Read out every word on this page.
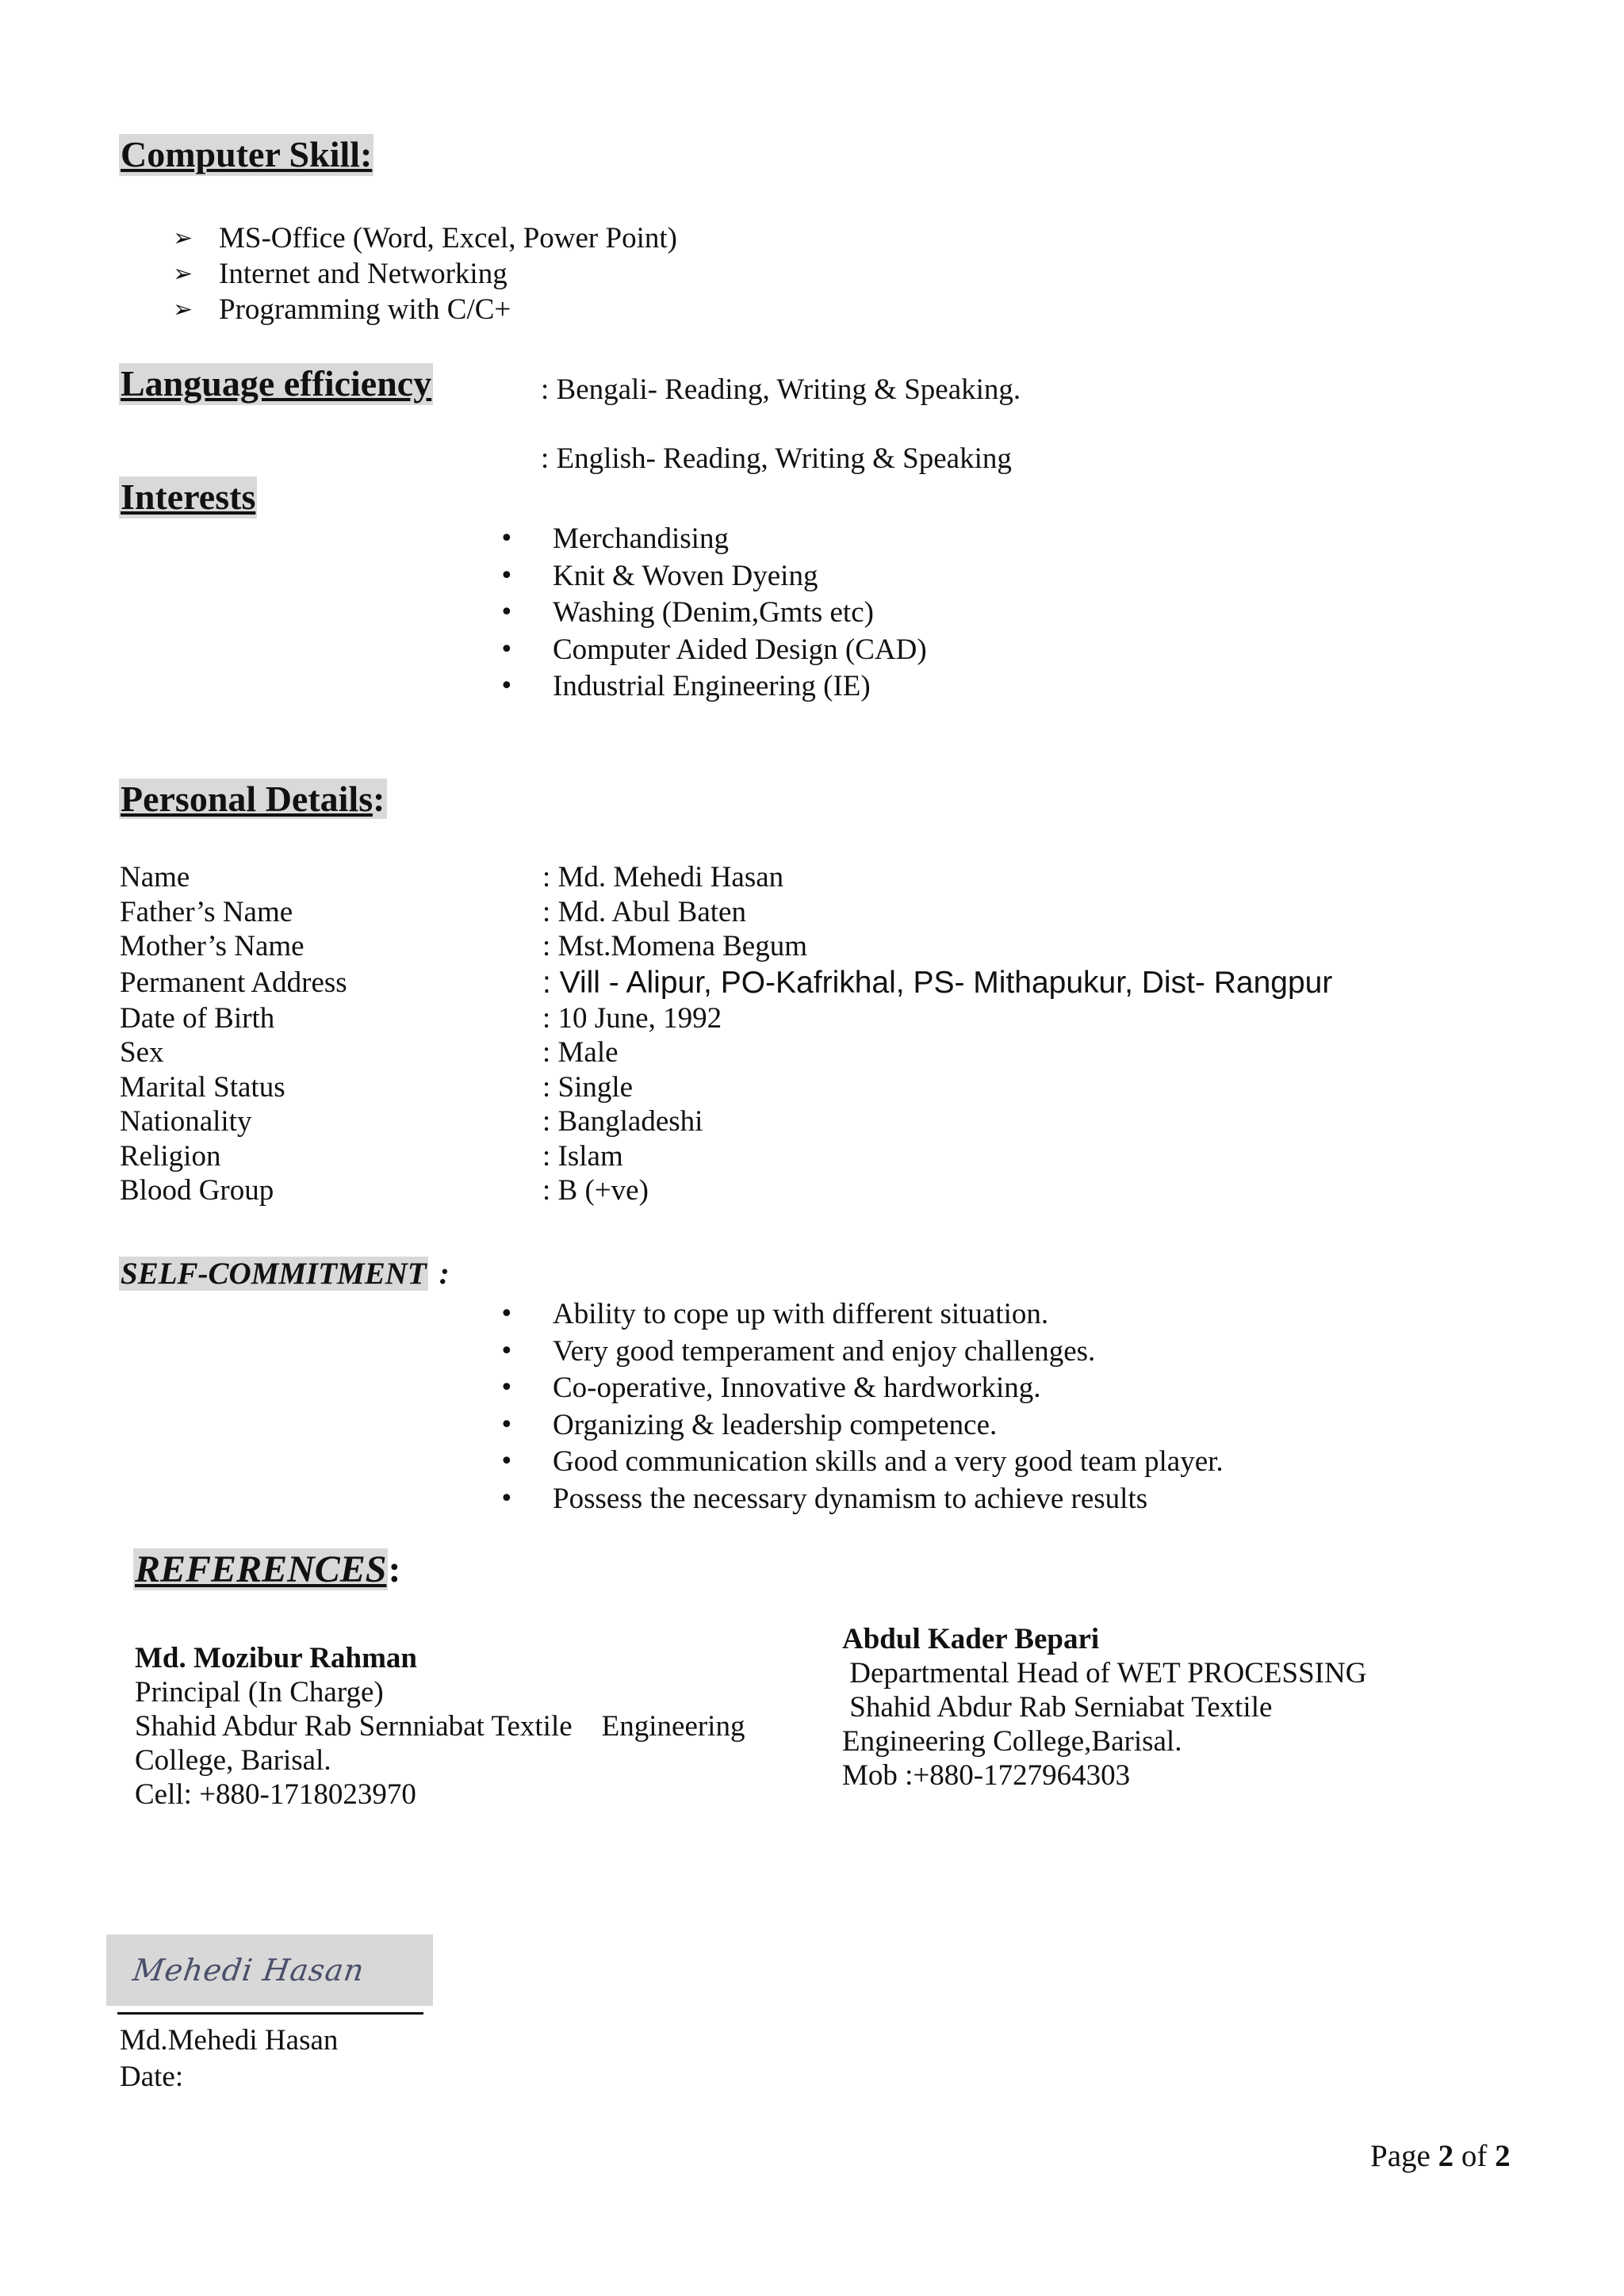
Computer Skill:
➢ MS-Office (Word, Excel, Power Point)
➢ Internet and Networking
➢ Programming with C/C+
Language efficiency	: Bengali- Reading, Writing & Speaking.
: English- Reading, Writing & Speaking
Interests
•	Merchandising
•	Knit & Woven Dyeing
•	Washing (Denim,Gmts etc)
•	Computer Aided Design (CAD)
•	Industrial Engineering (IE)
Personal Details:
Name	: Md. Mehedi Hasan
Father’s Name	: Md. Abul Baten
Mother’s Name	: Mst.Momena Begum
Permanent Address	: Vill - Alipur, PO-Kafrikhal, PS- Mithapukur, Dist- Rangpur
Date of Birth	: 10 June, 1992
Sex	: Male
Marital Status	: Single
Nationality	: Bangladeshi
Religion	: Islam
Blood Group	: B (+ve)
SELF-COMMITMENT :
•	Ability to cope up with different situation.
•	Very good temperament and enjoy challenges.
•	Co-operative, Innovative & hardworking.
•	Organizing & leadership competence.
•	Good communication skills and a very good team player.
•	Possess the necessary dynamism to achieve results
REFERENCES:
Md. Mozibur Rahman
Principal (In Charge)
Shahid Abdur Rab Sernniabat Textile    Engineering
College, Barisal.
Cell: +880-1718023970
Abdul Kader Bepari
Departmental Head of WET PROCESSING
Shahid Abdur Rab Serniabat Textile
Engineering College,Barisal.
Mob :+880-1727964303
Mehedi Hasan
Md.Mehedi Hasan
Date:
Page 2 of 2
